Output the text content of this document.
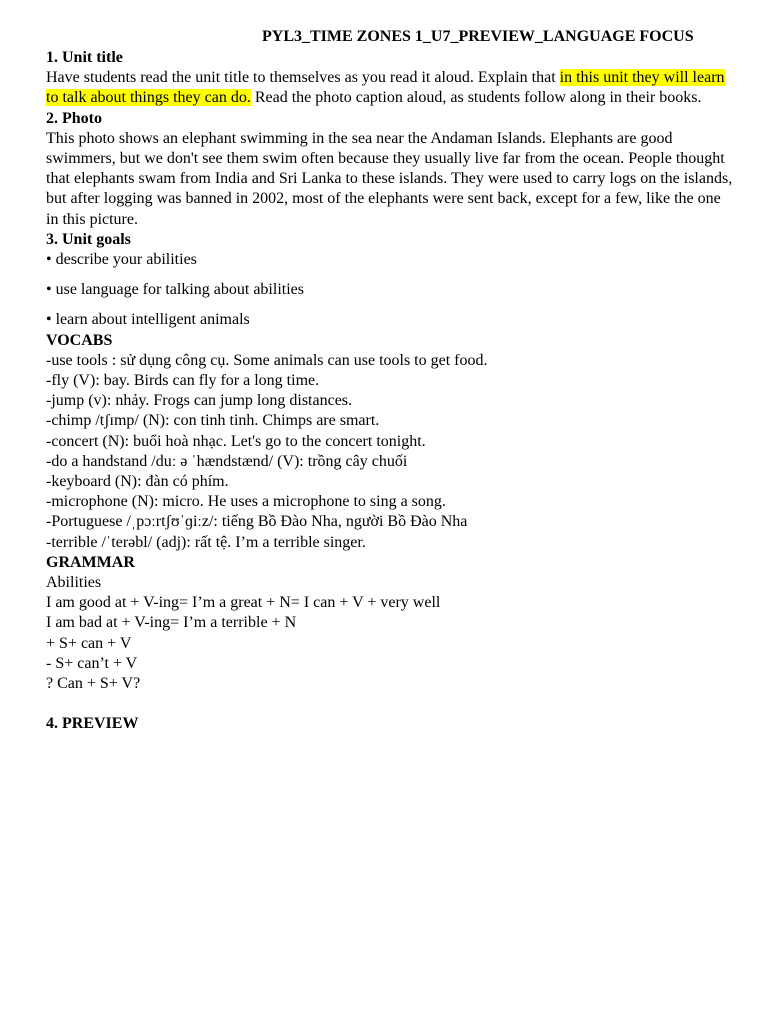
PYL3_TIME ZONES 1_U7_PREVIEW_LANGUAGE FOCUS
1. Unit title

Have students read the unit title to themselves as you read it aloud. Explain that in this unit they will learn to talk about things they can do. Read the photo caption aloud, as students follow along in their books.

2. Photo

This photo shows an elephant swimming in the sea near the Andaman Islands. Elephants are good swimmers, but we don't see them swim often because they usually live far from the ocean. People thought that elephants swam from India and Sri Lanka to these islands. They were used to carry logs on the islands, but after logging was banned in 2002, most of the elephants were sent back, except for a few, like the one in this picture.

3. Unit goals

• describe your abilities

• use language for talking about abilities

• learn about intelligent animals

VOCABS

-use tools : sử dụng công cụ. Some animals can use tools to get food.

-fly (V): bay. Birds can fly for a long time.

-jump (v): nhảy. Frogs can jump long distances.

-chimp /tʃɪmp/ (N): con tinh tinh. Chimps are smart.

-concert (N): buổi hoà nhạc. Let's go to the concert tonight.

-do a handstand /duː ə ˈhændstænd/ (V): trồng cây chuối

-keyboard (N): đàn có phím.

-microphone (N): micro. He uses a microphone to sing a song.

-Portuguese /ˌpɔːrtʃʊˈɡiːz/: tiếng Bồ Đào Nha, người Bồ Đào Nha

-terrible /ˈterəbl/ (adj): rất tệ. I’m a terrible singer.

GRAMMAR

Abilities

I am good at + V-ing= I’m a great + N= I can + V + very well

I am bad at + V-ing= I’m a terrible + N

+ S+ can + V

- S+ can’t + V

? Can + S+ V?

4. PREVIEW
